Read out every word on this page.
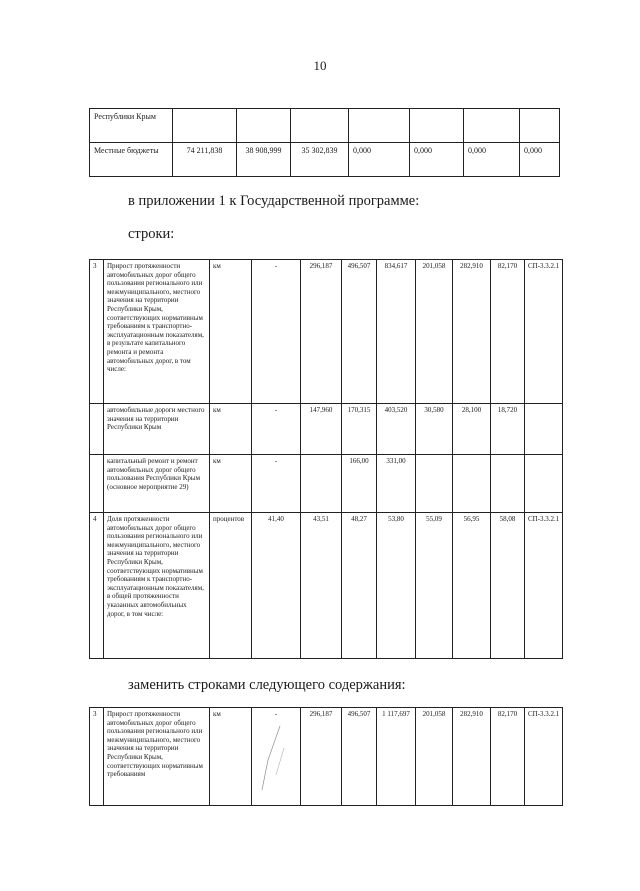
10
Республики Крым							
Местные бюджеты	74 211,838	38 908,999	35 302,839	0,000	0,000	0,000	0,000
в приложении 1 к Государственной программе:
строки:
3	Прирост протяженности автомобильных дорог общего пользования регионального или межмуниципального, местного значения на территории Республики Крым, соответствующих нормативным требованиям к транспортно-эксплуатационным показателям, в результате капитального ремонта и ремонта автомобильных дорог, в том числе:	км	-	296,187	496,507	834,617	201,058	282,910	82,170	СП-3.3.2.1
	автомобильные дороги местного значения на территории Республики Крым	км	-	147,960	170,315	403,520	30,580	28,100	18,720	
	капитальный ремонт и ремонт автомобильных дорог общего пользования Республики Крым (основное мероприятие 29)	км	-		166,00	331,00				
4	Доля протяженности автомобильных дорог общего пользования регионального или межмуниципального, местного значения на территории Республики Крым, соответствующих нормативным требованиям к транспортно-эксплуатационным показателям, в общей протяженности указанных автомобильных дорог, в том числе:	процентов	41,40	43,51	48,27	53,80	55,09	56,95	58,08	СП-3.3.2.1
заменить строками следующего содержания:
3	Прирост протяженности автомобильных дорог общего пользования регионального или межмуниципального, местного значения на территории Республики Крым, соответствующих нормативным требованиям	км	-	296,187	496,507	1 117,697	201,058	282,910	82,170	СП-3.3.2.1
